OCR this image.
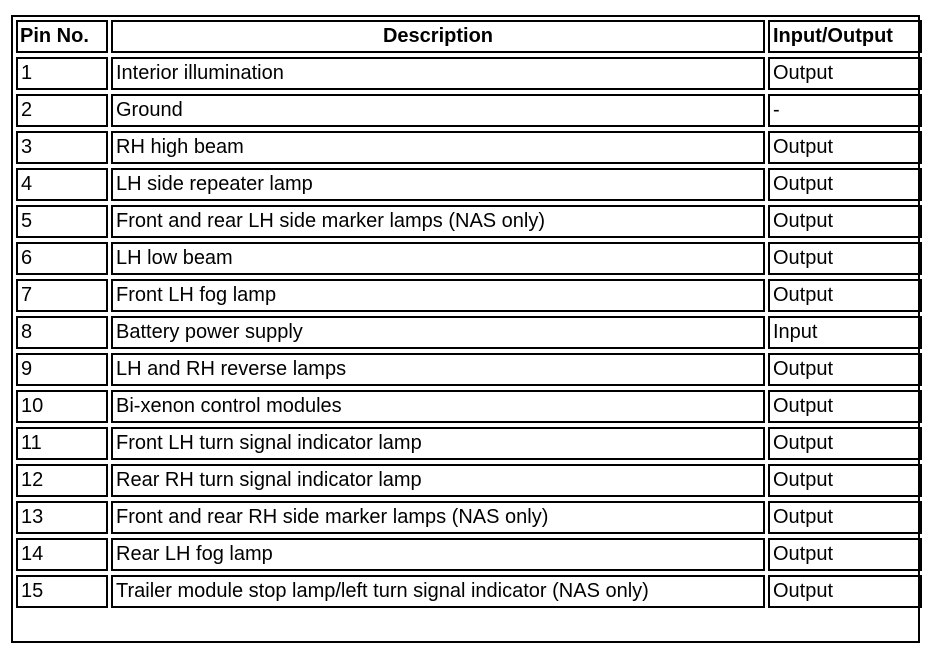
Pin No.	Description	Input/Output
1	Interior illumination	Output
2	Ground	-
3	RH high beam	Output
4	LH side repeater lamp	Output
5	Front and rear LH side marker lamps (NAS only)	Output
6	LH low beam	Output
7	Front LH fog lamp	Output
8	Battery power supply	Input
9	LH and RH reverse lamps	Output
10	Bi-xenon control modules	Output
11	Front LH turn signal indicator lamp	Output
12	Rear RH turn signal indicator lamp	Output
13	Front and rear RH side marker lamps (NAS only)	Output
14	Rear LH fog lamp	Output
15	Trailer module stop lamp/left turn signal indicator (NAS only)	Output
